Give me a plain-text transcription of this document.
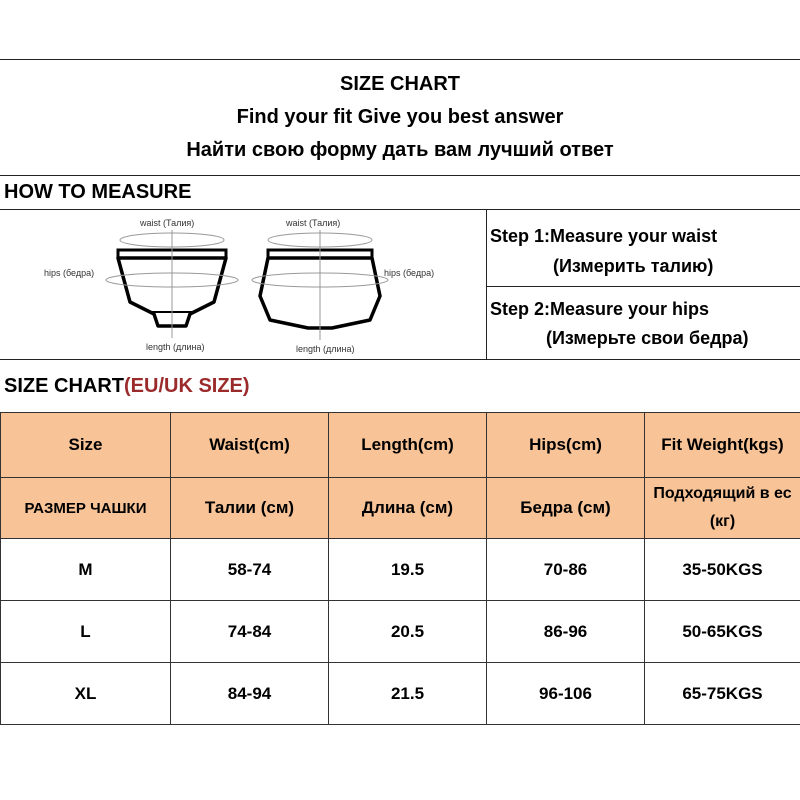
SIZE CHART
Find your fit Give you best answer
Найти свою форму дать вам лучший ответ
HOW TO MEASURE
waist (Талия)
hips (бедра)
length (длина)
waist (Талия)
hips (бедра)
length (длина)
Step 1:Measure your waist
(Измерить талию)
Step 2:Measure your hips
(Измерьте свои бедра)
SIZE CHART(EU/UK SIZE)
Size	Waist(cm)	Length(cm)	Hips(cm)	Fit Weight(kgs)
РАЗМЕР ЧАШКИ	Талии (см)	Длина (см)	Бедра (см)	Подходящий в ес (кг)
M	58-74	19.5	70-86	35-50KGS
L	74-84	20.5	86-96	50-65KGS
XL	84-94	21.5	96-106	65-75KGS
